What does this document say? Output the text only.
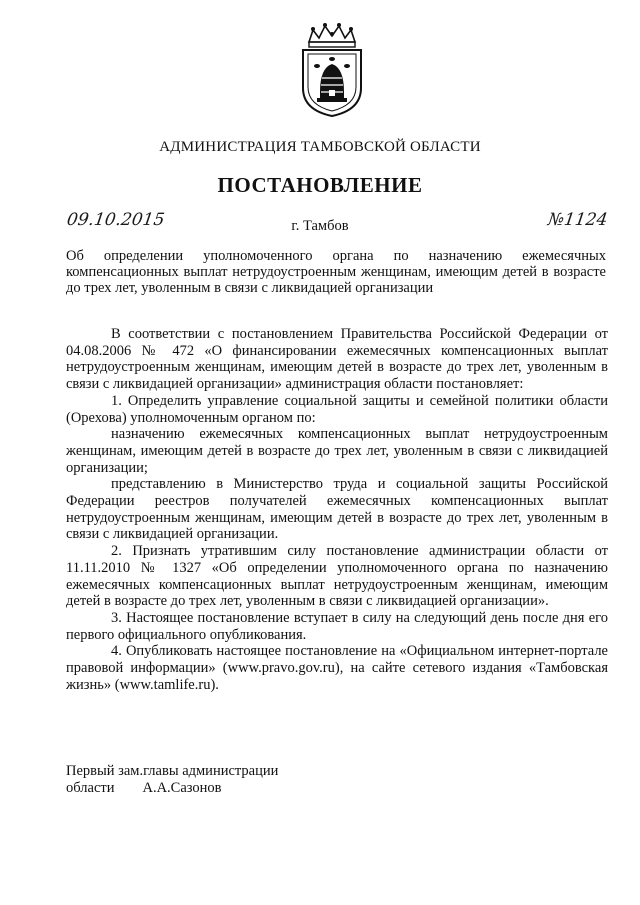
АДМИНИСТРАЦИЯ ТАМБОВСКОЙ ОБЛАСТИ
ПОСТАНОВЛЕНИЕ
09.10.2015	г. Тамбов	№1124
Об определении уполномоченного органа по назначению ежемесячных компенсационных выплат нетрудоустроенным женщинам, имеющим детей в возрасте до трех лет, уволенным в связи с ликвидацией организации

В соответствии с постановлением Правительства Российской Федерации от 04.08.2006 № 472 «О финансировании ежемесячных компенсационных выплат нетрудоустроенным женщинам, имеющим детей в возрасте до трех лет, уволенным в связи с ликвидацией организации» администрация области постановляет:

1. Определить управление социальной защиты и семейной политики области (Орехова) уполномоченным органом по:

назначению ежемесячных компенсационных выплат нетрудоустроенным женщинам, имеющим детей в возрасте до трех лет, уволенным в связи с ликвидацией организации;

представлению в Министерство труда и социальной защиты Российской Федерации реестров получателей ежемесячных компенсационных выплат нетрудоустроенным женщинам, имеющим детей в возрасте до трех лет, уволенным в связи с ликвидацией организации.

2. Признать утратившим силу постановление администрации области от 11.11.2010 № 1327 «Об определении уполномоченного органа по назначению ежемесячных компенсационных выплат нетрудоустроенным женщинам, имеющим детей в возрасте до трех лет, уволенным в связи с ликвидацией организации».

3. Настоящее постановление вступает в силу на следующий день после дня его первого официального опубликования.

4. Опубликовать настоящее постановление на «Официальном интернет-портале правовой информации» (www.pravo.gov.ru), на сайте сетевого издания «Тамбовская жизнь» (www.tamlife.ru).

Первый зам.главы администрации
области А.А.Сазонов
